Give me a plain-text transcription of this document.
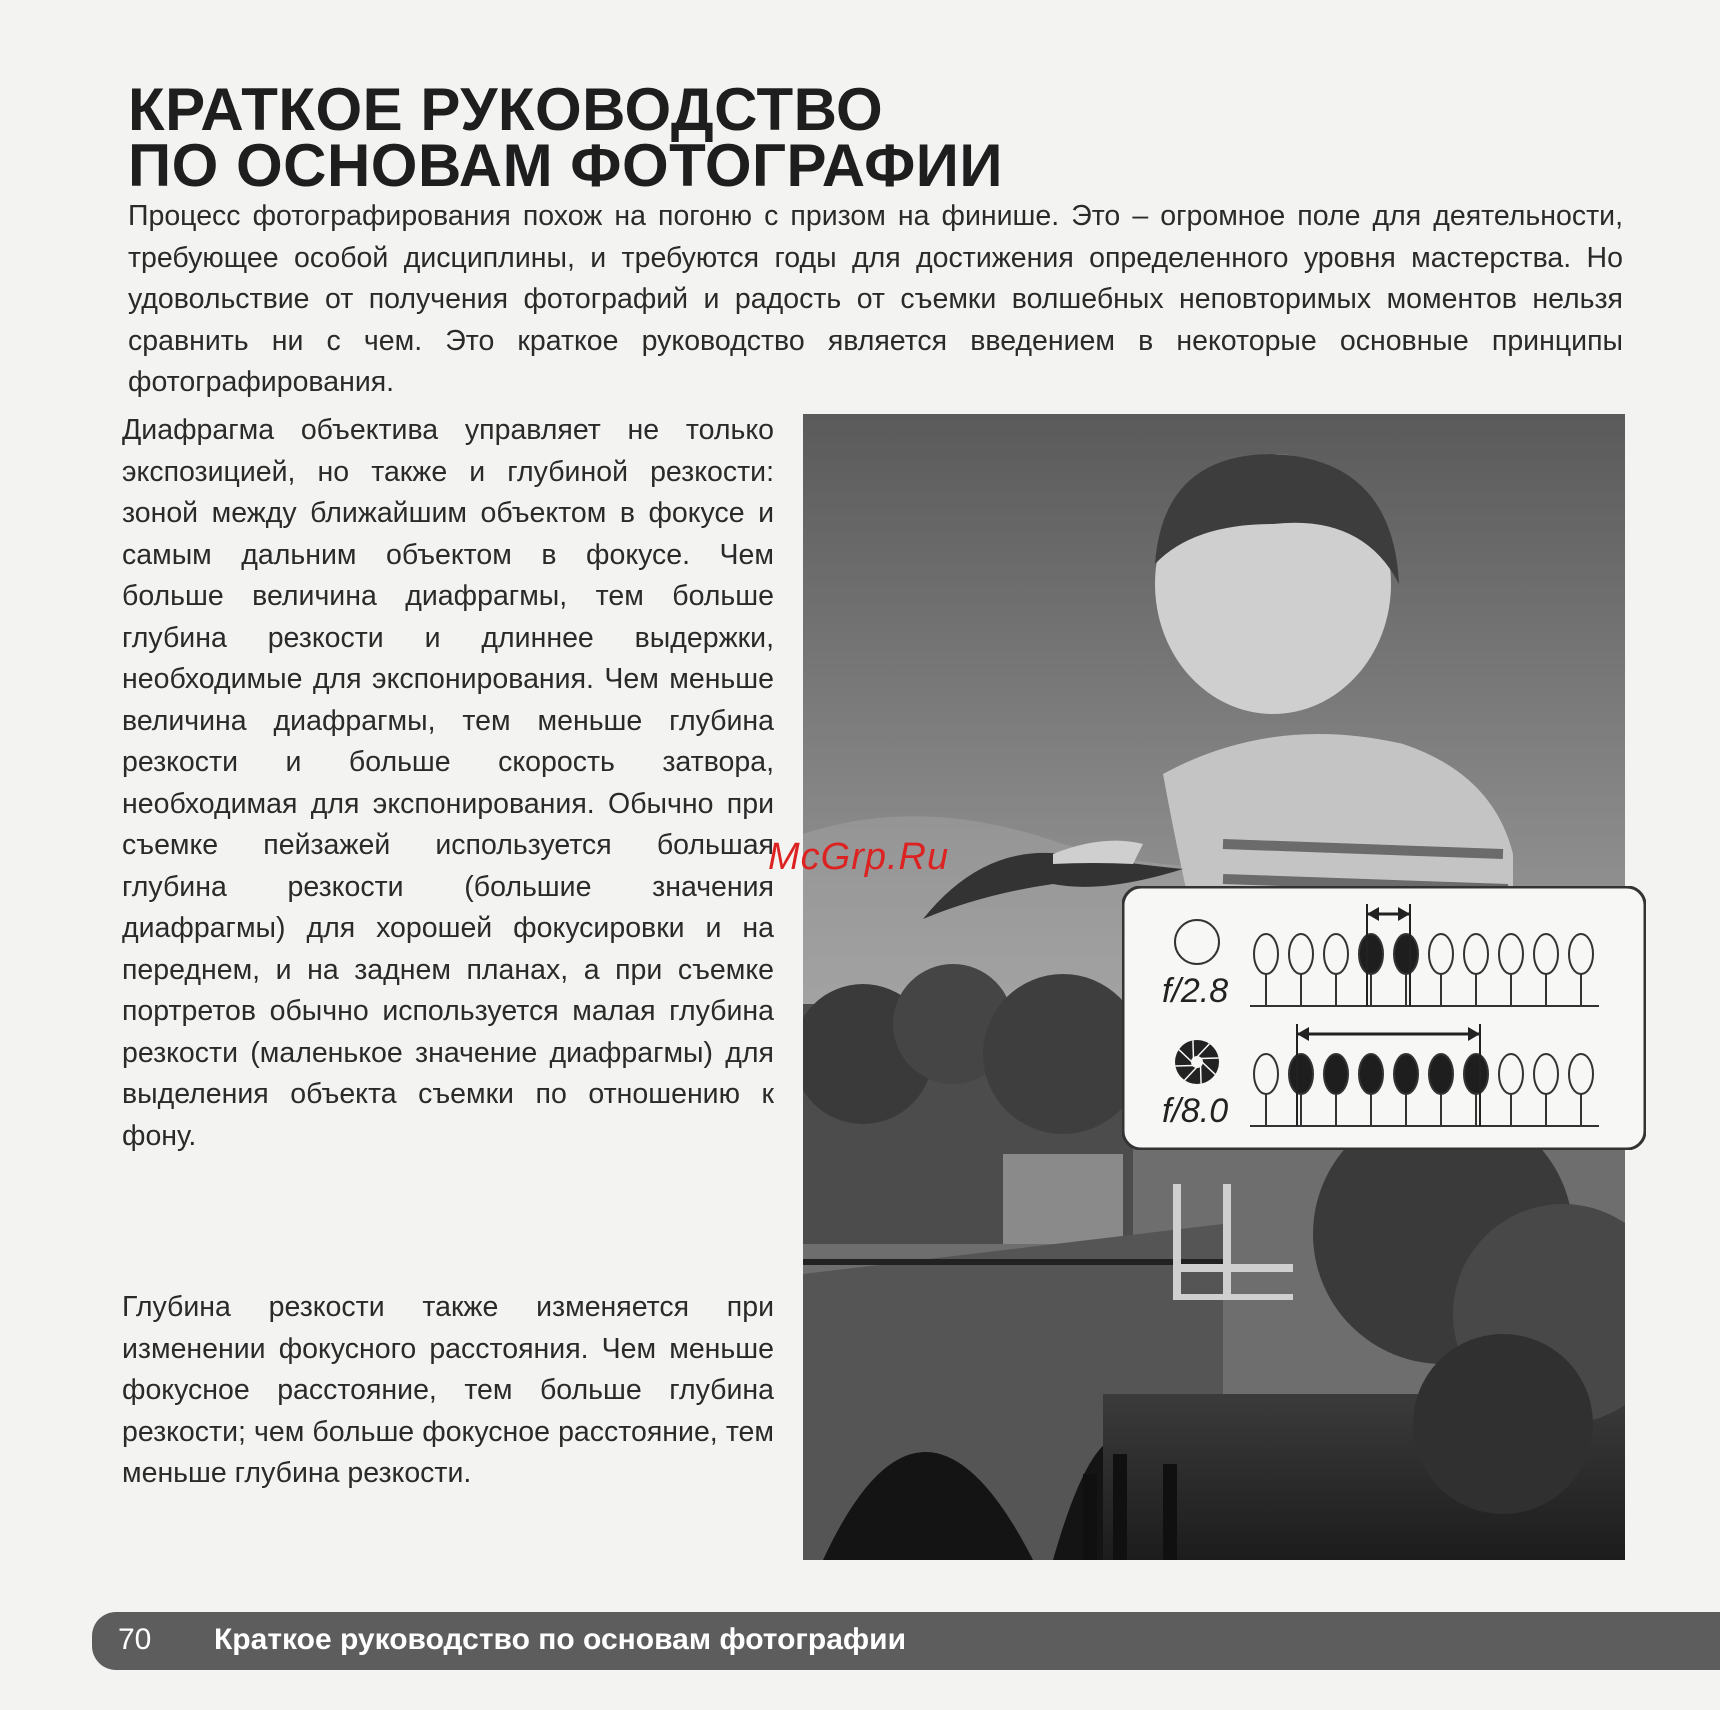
КРАТКОЕ РУКОВОДСТВО
ПО ОСНОВАМ ФОТОГРАФИИ

Процесс фотографирования похож на погоню с призом на финише. Это – огромное поле для деятельности, требующее особой дисциплины, и требуются годы для достижения определенного уровня мастерства. Но удовольствие от получения фотографий и радость от съемки волшебных неповторимых моментов нельзя сравнить ни с чем. Это краткое руководство является введением в некоторые основные принципы фотографирования.

Диафрагма объектива управляет не только экспозицией, но также и глубиной резкости: зоной между ближайшим объектом в фокусе и самым дальним объектом в фокусе. Чем больше величина диафрагмы, тем больше глубина резкости и длиннее выдержки, необходимые для экспонирования. Чем меньше величина диафрагмы, тем меньше глубина резкости и больше скорость затвора, необходимая для экспонирования. Обычно при съемке пейзажей используется большая глубина резкости (большие значения диафрагмы) для хорошей фокусировки и на переднем, и на заднем планах, а при съемке портретов обычно используется малая глубина резкости (маленькое значение диафрагмы) для выделения объекта съемки по отношению к фону.

Глубина резкости также изменяется при изменении фокусного расстояния. Чем меньше фокусное расстояние, тем больше глубина резкости; чем больше фокусное расстояние, тем меньше глубина резкости.

f/2.8
f/8.0
McGrp.Ru
70 Краткое руководство по основам фотографии
